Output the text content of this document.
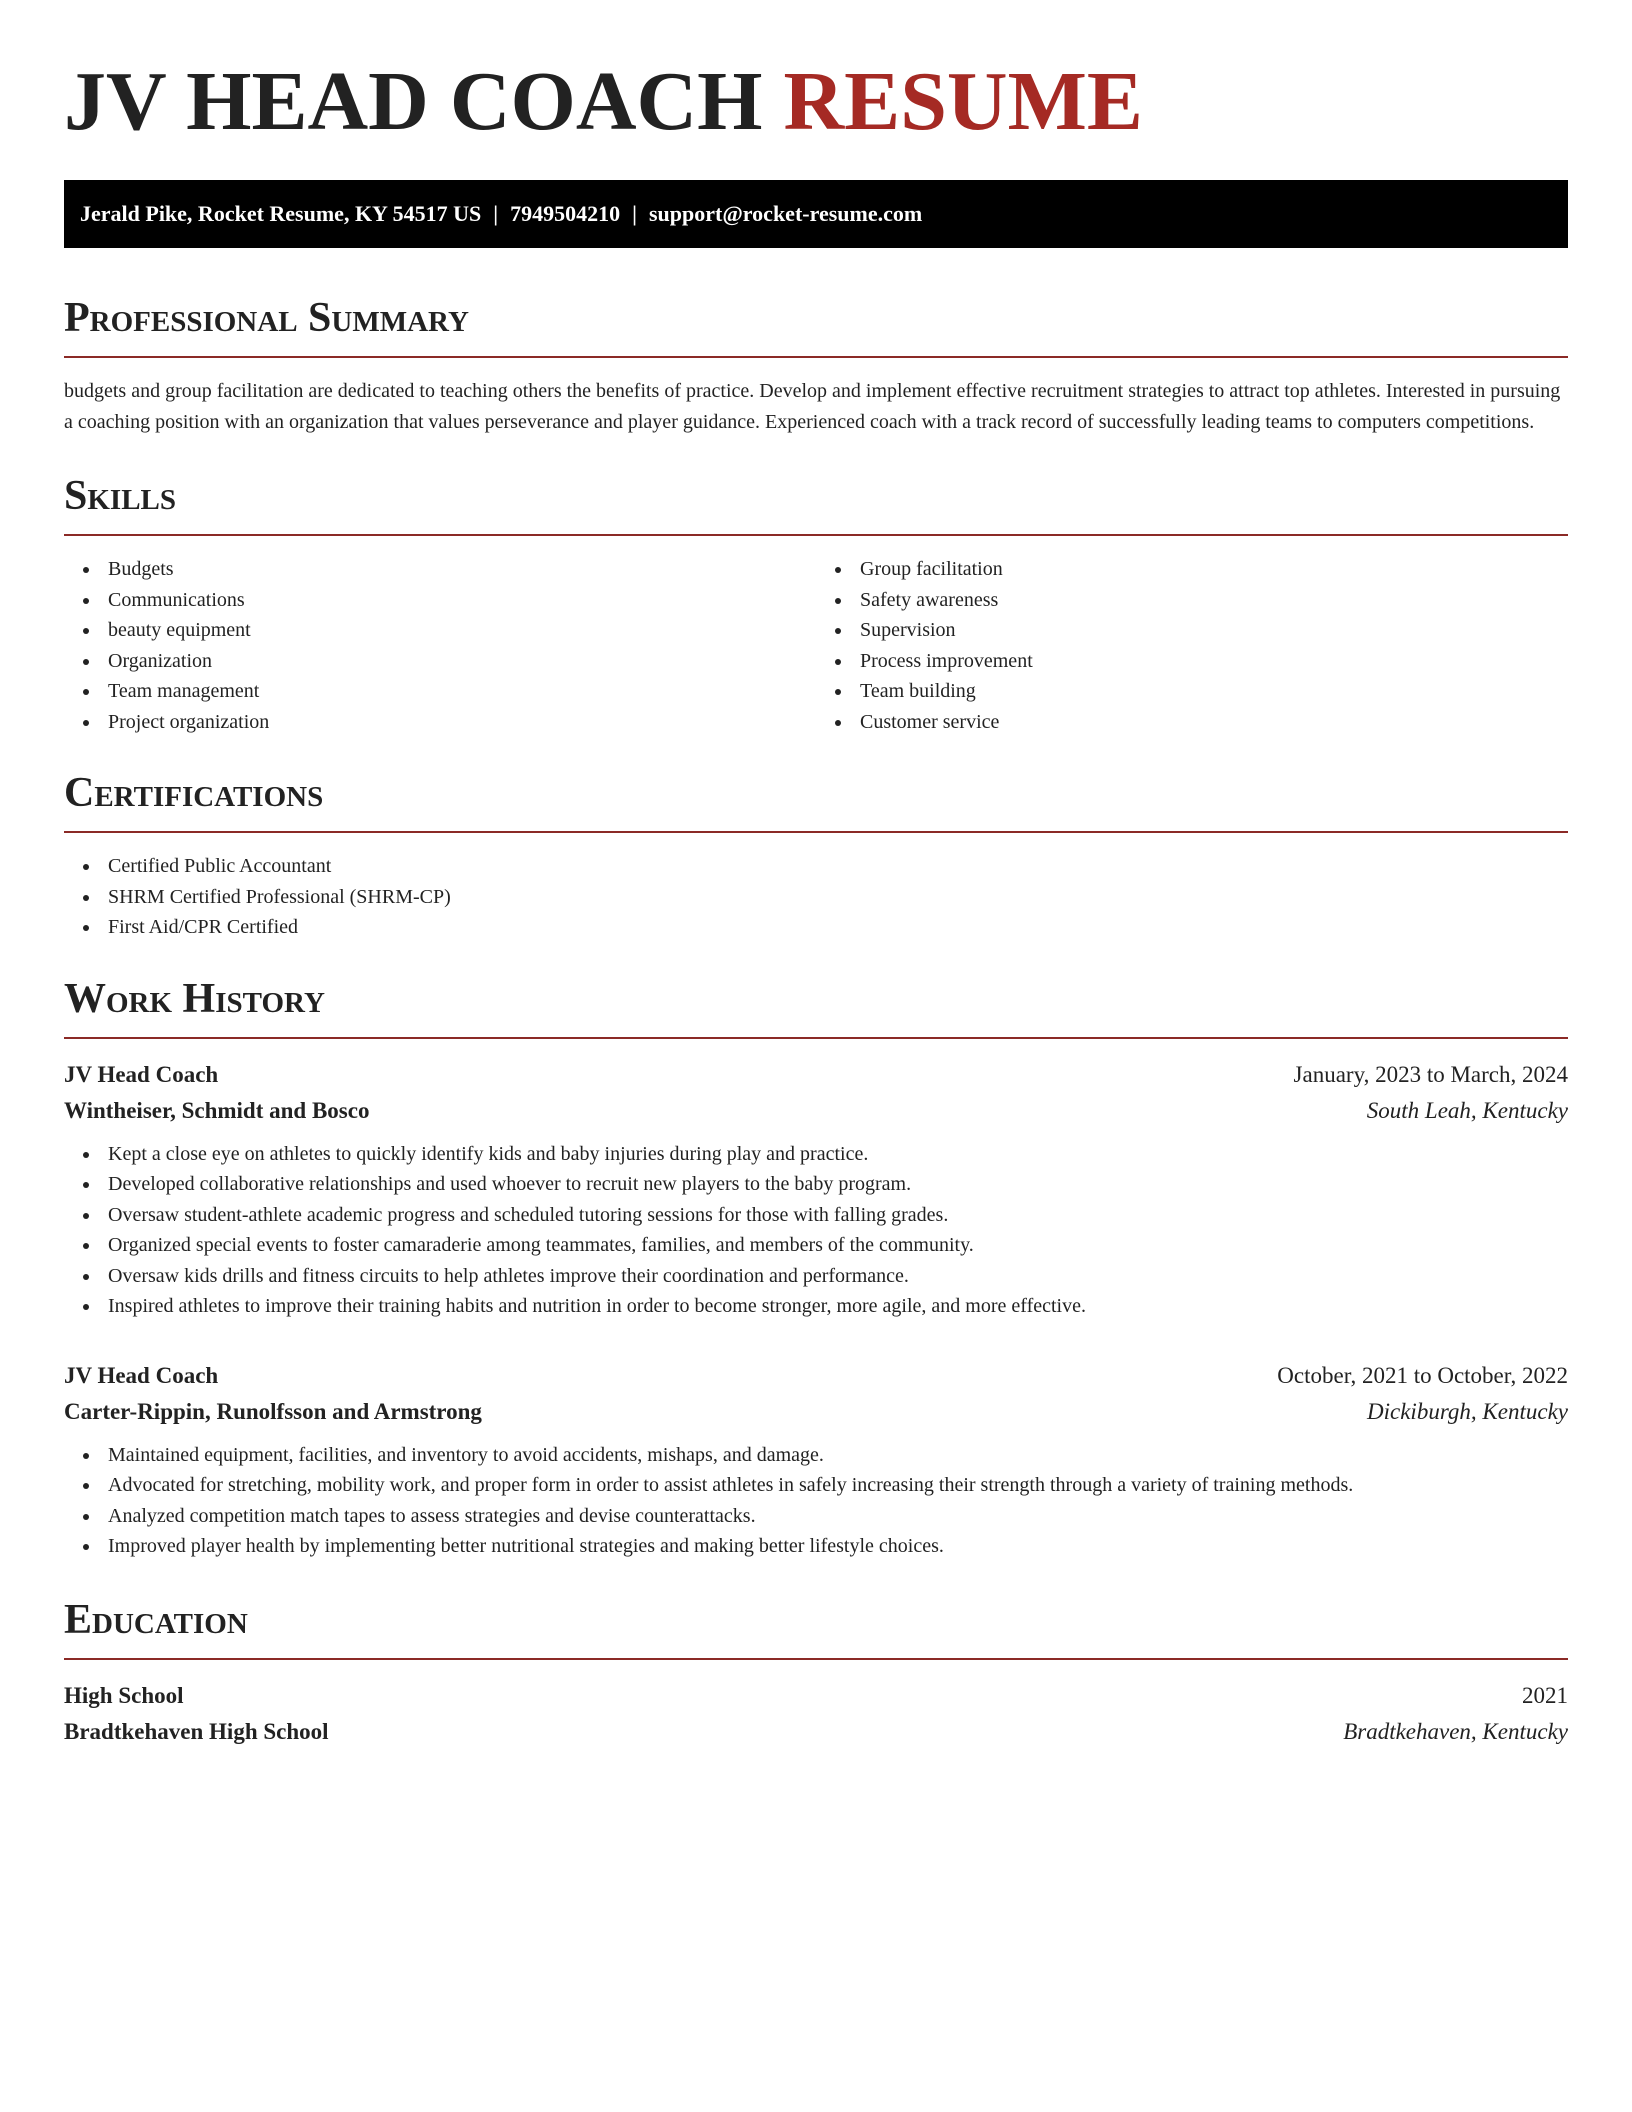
JV HEAD COACH RESUME
Jerald Pike, Rocket Resume, KY 54517 US | 7949504210 | support@rocket-resume.com
Professional Summary

budgets and group facilitation are dedicated to teaching others the benefits of practice. Develop and implement effective recruitment strategies to attract top athletes. Interested in pursuing a coaching position with an organization that values perseverance and player guidance. Experienced coach with a track record of successfully leading teams to computers competitions.

Skills
Budgets
Communications
beauty equipment
Organization
Team management
Project organization
Group facilitation
Safety awareness
Supervision
Process improvement
Team building
Customer service
Certifications
Certified Public Accountant
SHRM Certified Professional (SHRM-CP)
First Aid/CPR Certified
Work History
JV Head Coach	January, 2023 to March, 2024
Wintheiser, Schmidt and Bosco	South Leah, Kentucky
Kept a close eye on athletes to quickly identify kids and baby injuries during play and practice.
Developed collaborative relationships and used whoever to recruit new players to the baby program.
Oversaw student-athlete academic progress and scheduled tutoring sessions for those with falling grades.
Organized special events to foster camaraderie among teammates, families, and members of the community.
Oversaw kids drills and fitness circuits to help athletes improve their coordination and performance.
Inspired athletes to improve their training habits and nutrition in order to become stronger, more agile, and more effective.
JV Head Coach	October, 2021 to October, 2022
Carter-Rippin, Runolfsson and Armstrong	Dickiburgh, Kentucky
Maintained equipment, facilities, and inventory to avoid accidents, mishaps, and damage.
Advocated for stretching, mobility work, and proper form in order to assist athletes in safely increasing their strength through a variety of training methods.
Analyzed competition match tapes to assess strategies and devise counterattacks.
Improved player health by implementing better nutritional strategies and making better lifestyle choices.
Education
High School	2021
Bradtkehaven High School	Bradtkehaven, Kentucky
